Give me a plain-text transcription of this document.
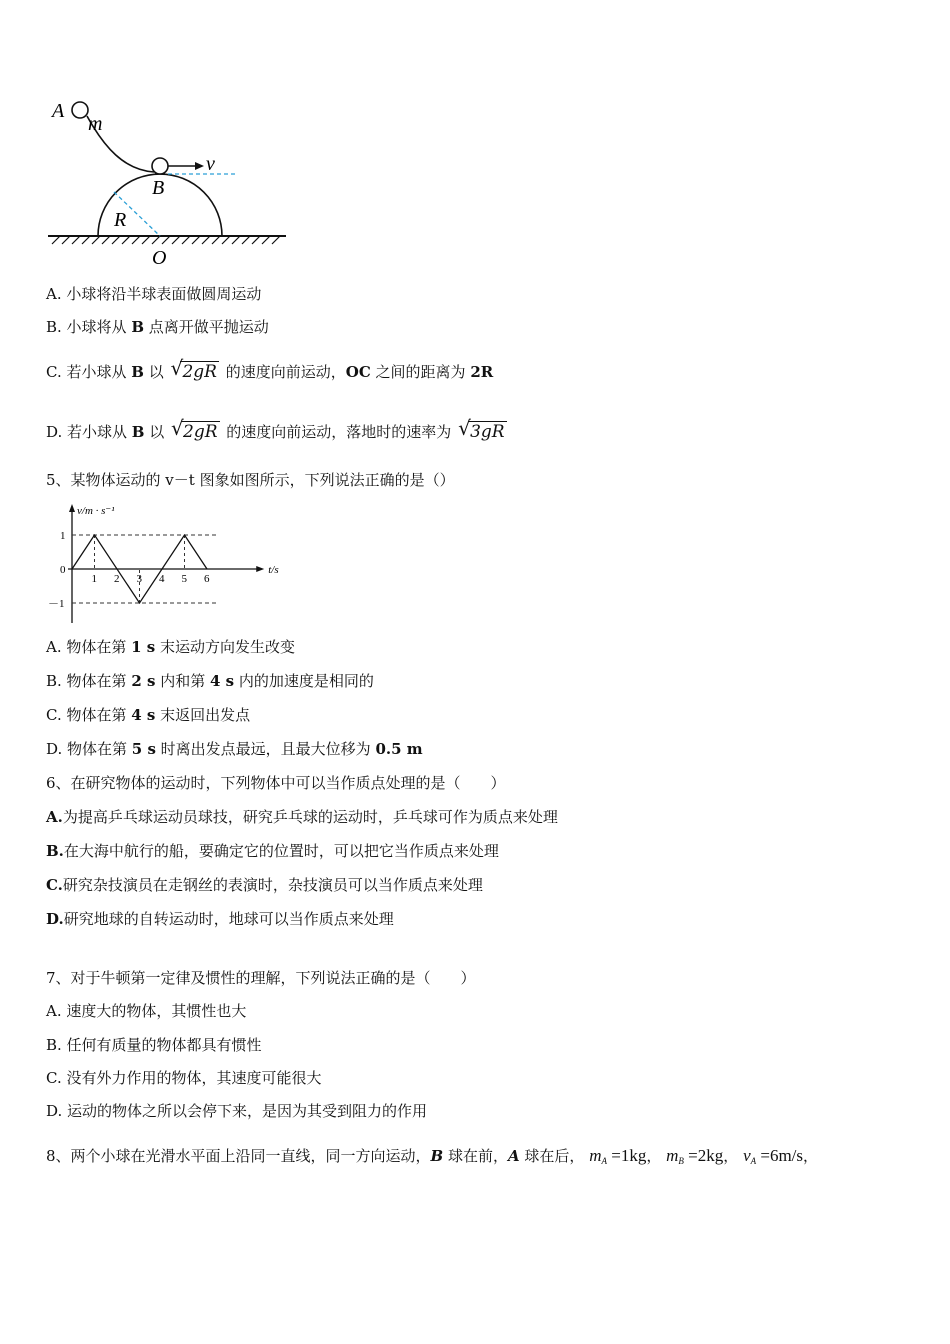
A
m
v
B
R
O
A. 小球将沿半球表面做圆周运动
B. 小球将从 B 点离开做平抛运动
C. 若小球从 B 以 √ 2gR 的速度向前运动，OC 之间的距离为 2R
D. 若小球从 B 以 √ 2gR 的速度向前运动，落地时的速率为 √ 3gR
5、某物体运动的 v－t 图象如图所示，下列说法正确的是（）
v/m · s⁻¹
t/s
1 2 3 4 5 6
1
0
－1
A. 物体在第 1 s 末运动方向发生改变
B. 物体在第 2 s 内和第 4 s 内的加速度是相同的
C. 物体在第 4 s 末返回出发点
D. 物体在第 5 s 时离出发点最远，且最大位移为 0.5 m
6、在研究物体的运动时，下列物体中可以当作质点处理的是（　　）
A.为提高乒乓球运动员球技，研究乒乓球的运动时，乒乓球可作为质点来处理
B.在大海中航行的船，要确定它的位置时，可以把它当作质点来处理
C.研究杂技演员在走钢丝的表演时，杂技演员可以当作质点来处理
D.研究地球的自转运动时，地球可以当作质点来处理
7、对于牛顿第一定律及惯性的理解，下列说法正确的是（　　）
A. 速度大的物体，其惯性也大
B. 任何有质量的物体都具有惯性
C. 没有外力作用的物体，其速度可能很大
D. 运动的物体之所以会停下来，是因为其受到阻力的作用
8、两个小球在光滑水平面上沿同一直线，同一方向运动，B 球在前，A 球在后， $m_A =1kg$， $m_B =2kg$， $v_A =6m/s$，
